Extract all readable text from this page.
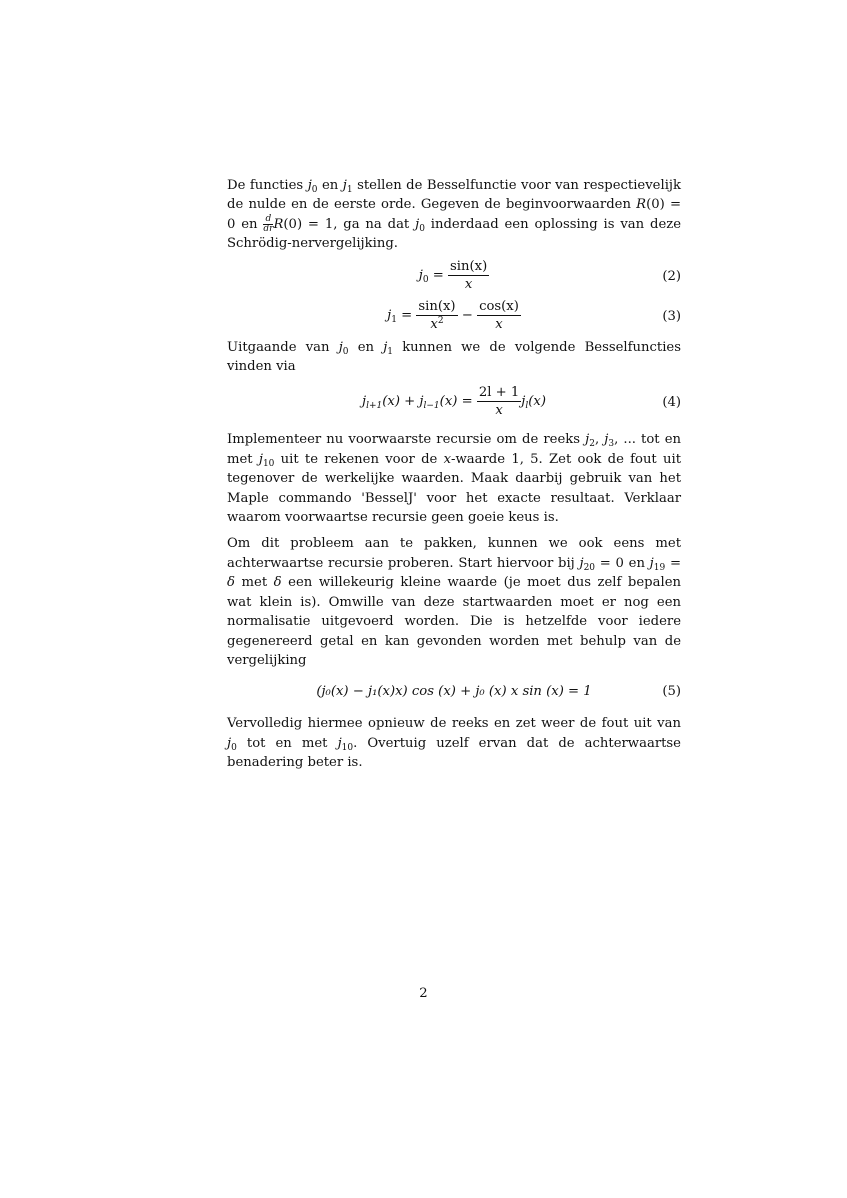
De functies $j_0$ en $j_1$ stellen de Besselfunctie voor van respectievelijk de nulde en de eerste orde. Gegeven de beginvoorwaarden R(0) = 0 en $\frac{d}{dr} R(0) = 1$, ga na dat $j_0$ inderdaad een oplossing is van deze Schrödig-nervergelijking.

$j_0 = \frac{\sin(x)}{x}$	(2)
$j_1 = \frac{\sin(x)}{x^2} - \frac{\cos(x)}{x}$	(3)

Uitgaande van $j_0$ en $j_1$ kunnen we de volgende Besselfuncties vinden via

$j_{l+1}(x) + j_{l-1}(x) = \frac{2l + 1}{x} j_l(x)$	(4)

Implementeer nu voorwaarste recursie om de reeks $j_2$, $j_3$, ... tot en met $j_{10}$ uit te rekenen voor de x-waarde 1, 5. Zet ook de fout uit tegenover de werkelijke waarden. Maak daarbij gebruik van het Maple commando 'BesselJ' voor het exacte resultaat. Verklaar waarom voorwaartse recursie geen goeie keus is.

Om dit probleem aan te pakken, kunnen we ook eens met achterwaartse recursie proberen. Start hiervoor bij $j_{20} = 0$ en $j_{19} = \delta$ met δ een willekeurig kleine waarde (je moet dus zelf bepalen wat klein is). Omwille van deze startwaarden moet er nog een normalisatie uitgevoerd worden. Die is hetzelfde voor iedere gegenereerd getal en kan gevonden worden met behulp van de vergelijking

(j₀(x) − j₁(x)x) cos (x) + j₀ (x) x sin (x) = 1	(5)

Vervolledig hiermee opnieuw de reeks en zet weer de fout uit van $j_0$ tot en met $j_{10}$. Overtuig uzelf ervan dat de achterwaartse benadering beter is.

2
